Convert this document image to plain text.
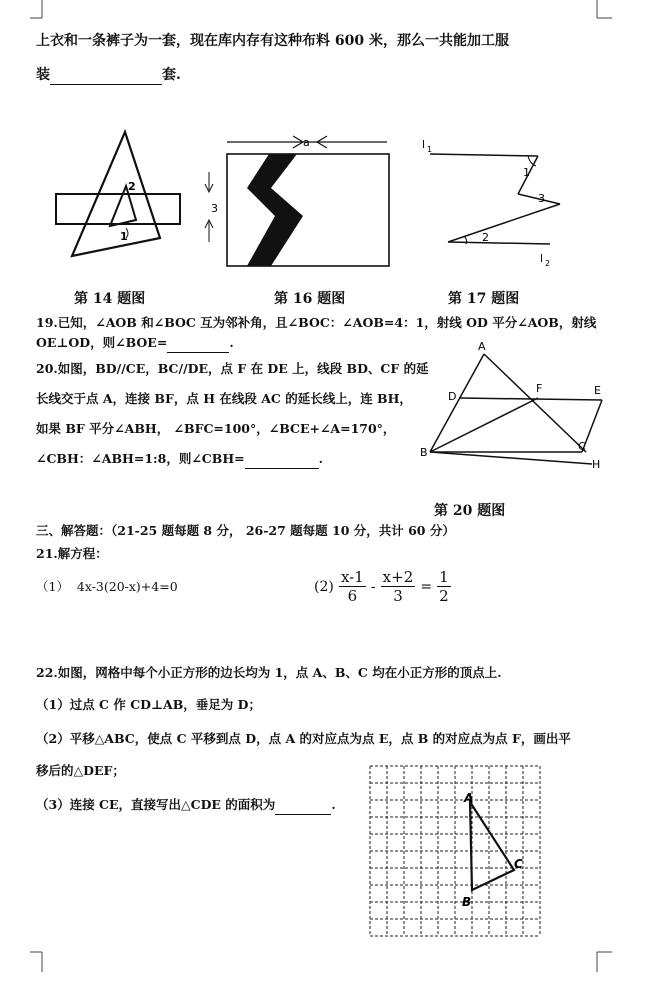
上衣和一条裤子为一套，现在库内存有这种布料 600 米，那么一共能加工服
装	套.
2
1
第 14 题图
a
3
第 16 题图
l 1
1
3
2
l 2
第 17 题图
19.已知，∠AOB 和∠BOC 互为邻补角，且∠BOC：∠AOB=4：1，射线 OD 平分∠AOB，射线
OE⊥OD，则∠BOE=	.
20.如图，BD//CE，BC//DE，点 F 在 DE 上，线段 BD、CF 的延
长线交于点 A，连接 BF，点 H 在线段 AC 的延长线上，连 BH，
如果 BF 平分∠ABH， ∠BFC=100°，∠BCE+∠A=170°，
∠CBH：∠ABH=1:8，则∠CBH=	.
A
D
F	E
B	C
H
第 20 题图
三、解答题：（21-25 题每题 8 分， 26-27 题每题 10 分，共计 60 分）
21.解方程：
（1） 4x-3(20-x)+4=0	$(2) \frac{x-1}{6} - \frac{x+2}{3} = \frac{1}{2}$
22.如图，网格中每个小正方形的边长均为 1，点 A、B、C 均在小正方形的顶点上.
（1）过点 C 作 CD⊥AB，垂足为 D；
（2）平移△ABC，使点 C 平移到点 D，点 A 的对应点为点 E，点 B 的对应点为点 F，画出平
移后的△DEF；
（3）连接 CE，直接写出△CDE 的面积为	.	A
C
B
